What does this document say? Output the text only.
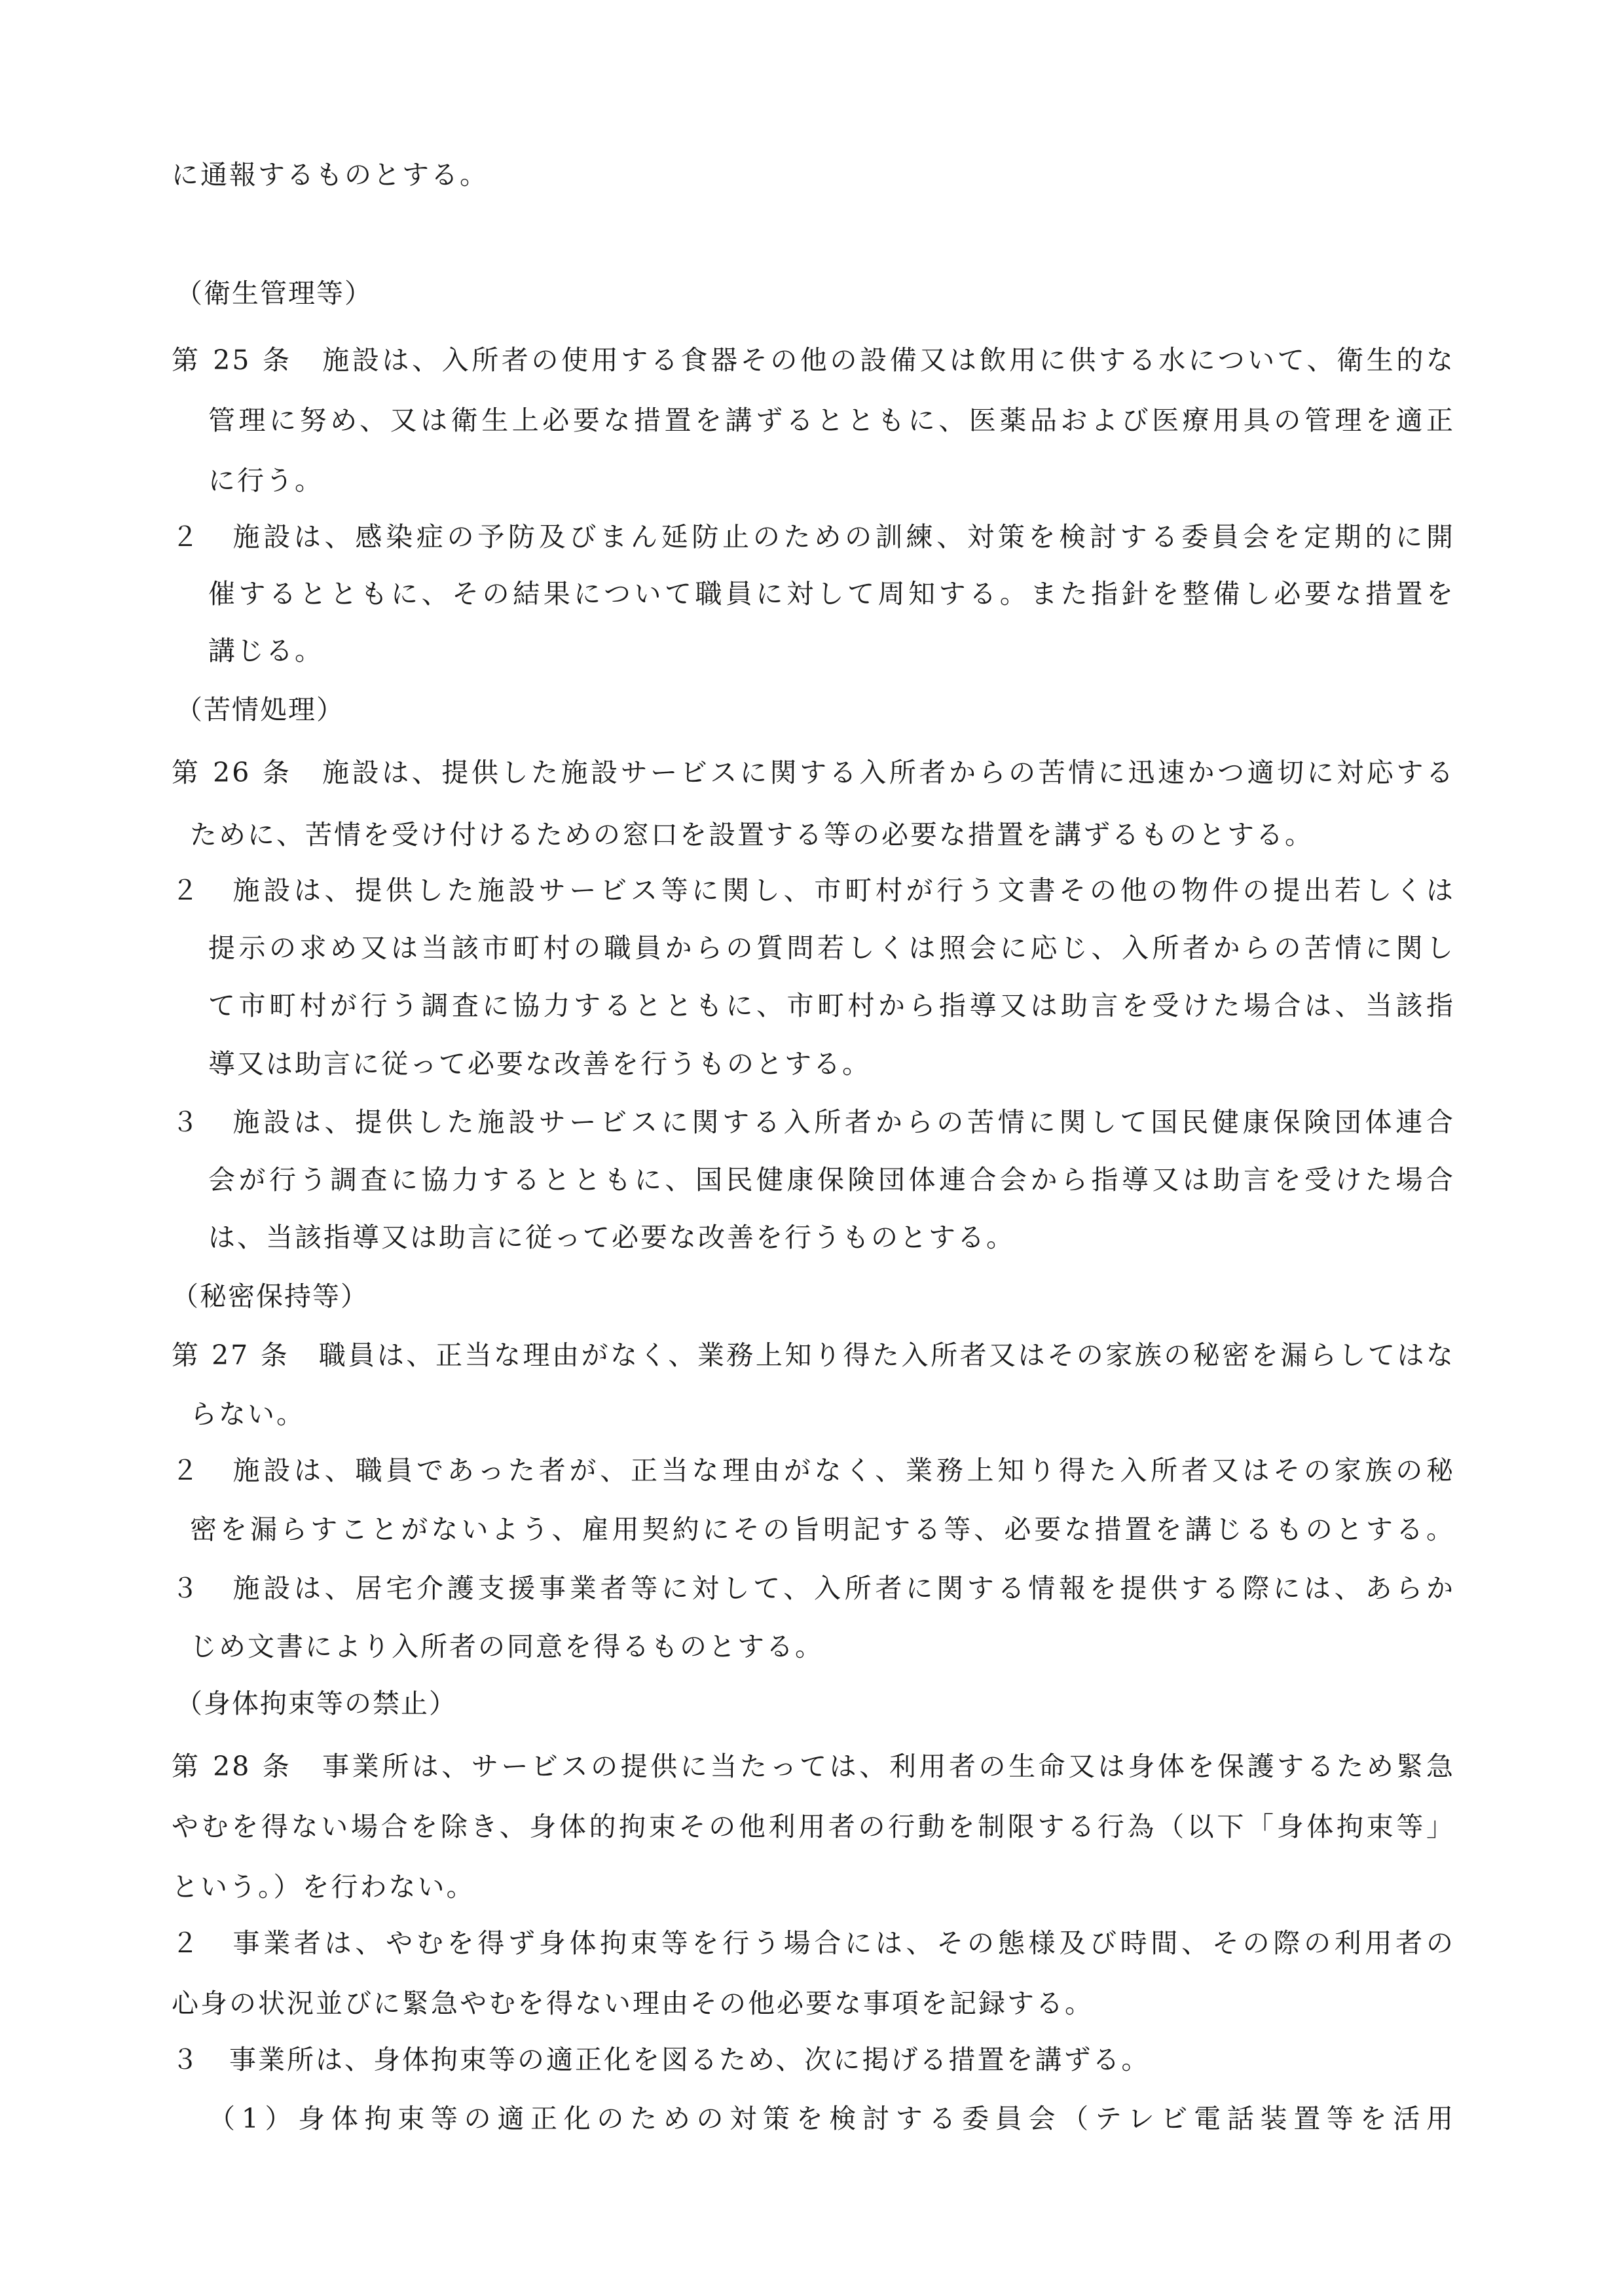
に通報するものとする。
（衛生管理等）
第 25 条　施設は、入所者の使用する食器その他の設備又は飲用に供する水について、衛生的な
管理に努め、又は衛生上必要な措置を講ずるとともに、医薬品および医療用具の管理を適正
に行う。
２　施設は、感染症の予防及びまん延防止のための訓練、対策を検討する委員会を定期的に開
催するとともに、その結果について職員に対して周知する。また指針を整備し必要な措置を
講じる。
（苦情処理）
第 26 条　施設は、提供した施設サービスに関する入所者からの苦情に迅速かつ適切に対応する
ために、苦情を受け付けるための窓口を設置する等の必要な措置を講ずるものとする。
２　施設は、提供した施設サービス等に関し、市町村が行う文書その他の物件の提出若しくは
提示の求め又は当該市町村の職員からの質問若しくは照会に応じ、入所者からの苦情に関し
て市町村が行う調査に協力するとともに、市町村から指導又は助言を受けた場合は、当該指
導又は助言に従って必要な改善を行うものとする。
３　施設は、提供した施設サービスに関する入所者からの苦情に関して国民健康保険団体連合
会が行う調査に協力するとともに、国民健康保険団体連合会から指導又は助言を受けた場合
は、当該指導又は助言に従って必要な改善を行うものとする。
（秘密保持等）
第 27 条　職員は、正当な理由がなく、業務上知り得た入所者又はその家族の秘密を漏らしてはな
らない。
２　施設は、職員であった者が、正当な理由がなく、業務上知り得た入所者又はその家族の秘
密を漏らすことがないよう、雇用契約にその旨明記する等、必要な措置を講じるものとする。
３　施設は、居宅介護支援事業者等に対して、入所者に関する情報を提供する際には、あらか
じめ文書により入所者の同意を得るものとする。
（身体拘束等の禁止）
第 28 条　事業所は、サービスの提供に当たっては、利用者の生命又は身体を保護するため緊急
やむを得ない場合を除き、身体的拘束その他利用者の行動を制限する行為（以下「身体拘束等」
という。）を行わない。
２　事業者は、やむを得ず身体拘束等を行う場合には、その態様及び時間、その際の利用者の
心身の状況並びに緊急やむを得ない理由その他必要な事項を記録する。
３　事業所は、身体拘束等の適正化を図るため、次に掲げる措置を講ずる。
（1）身体拘束等の適正化のための対策を検討する委員会（テレビ電話装置等を活用
